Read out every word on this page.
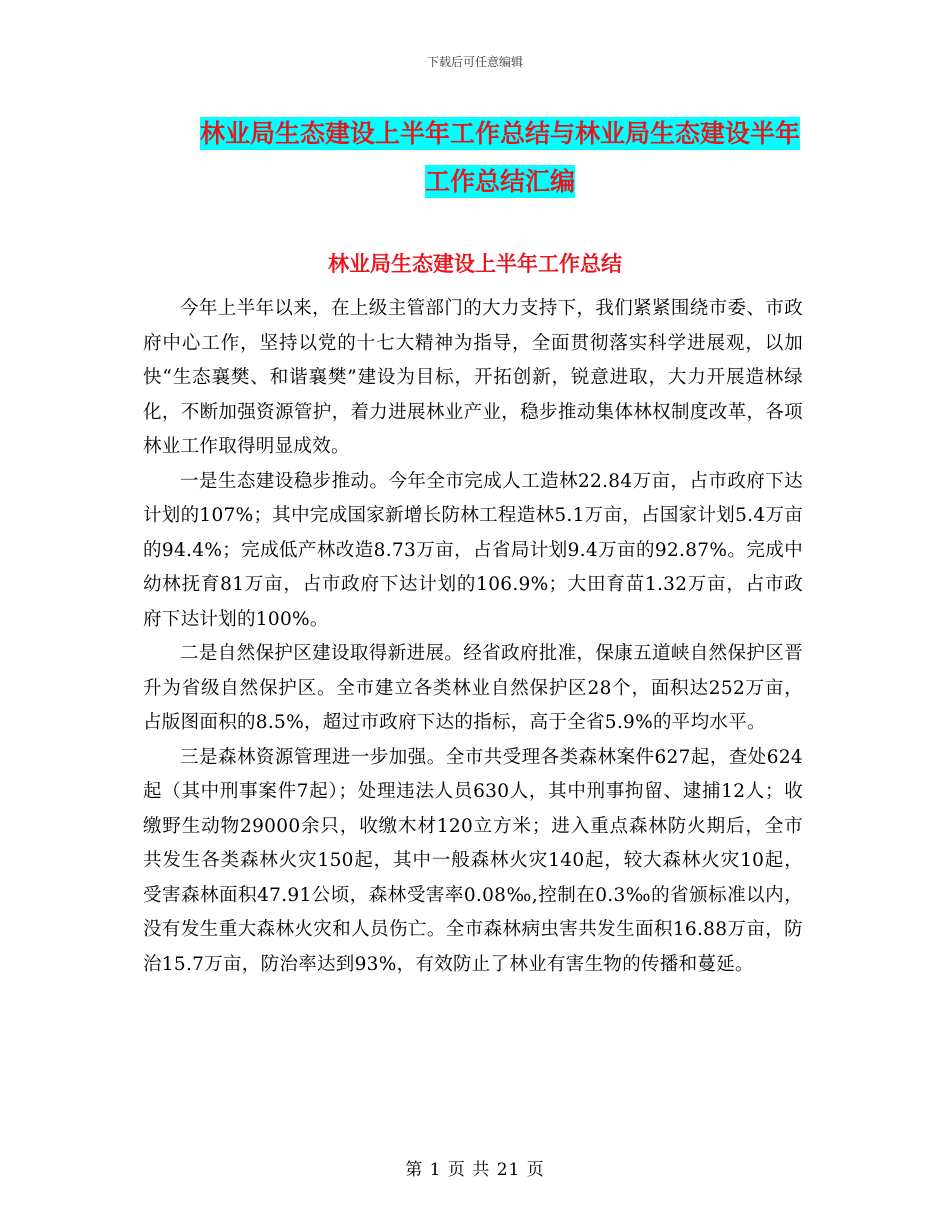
下载后可任意编辑
林业局生态建设上半年工作总结与林业局生态建设半年工作总结汇编
林业局生态建设上半年工作总结

今年上半年以来，在上级主管部门的大力支持下，我们紧紧围绕市委、市政府中心工作，坚持以党的十七大精神为指导，全面贯彻落实科学进展观，以加快“生态襄樊、和谐襄樊”建设为目标，开拓创新，锐意进取，大力开展造林绿化，不断加强资源管护，着力进展林业产业，稳步推动集体林权制度改革，各项林业工作取得明显成效。

一是生态建设稳步推动。今年全市完成人工造林22.84万亩，占市政府下达计划的107%；其中完成国家新增长防林工程造林5.1万亩，占国家计划5.4万亩的94.4%；完成低产林改造8.73万亩，占省局计划9.4万亩的92.87%。完成中幼林抚育81万亩，占市政府下达计划的106.9%；大田育苗1.32万亩，占市政府下达计划的100%。

二是自然保护区建设取得新进展。经省政府批准，保康五道峡自然保护区晋升为省级自然保护区。全市建立各类林业自然保护区28个，面积达252万亩，占版图面积的8.5%，超过市政府下达的指标，高于全省5.9%的平均水平。

三是森林资源管理进一步加强。全市共受理各类森林案件627起，查处624起（其中刑事案件7起）；处理违法人员630人，其中刑事拘留、逮捕12人；收缴野生动物29000余只，收缴木材120立方米；进入重点森林防火期后，全市共发生各类森林火灾150起，其中一般森林火灾140起，较大森林火灾10起，受害森林面积47.91公顷，森林受害率0.08‰,控制在0.3‰的省颁标准以内，没有发生重大森林火灾和人员伤亡。全市森林病虫害共发生面积16.88万亩，防治15.7万亩，防治率达到93%，有效防止了林业有害生物的传播和蔓延。

第 1 页 共 21 页
